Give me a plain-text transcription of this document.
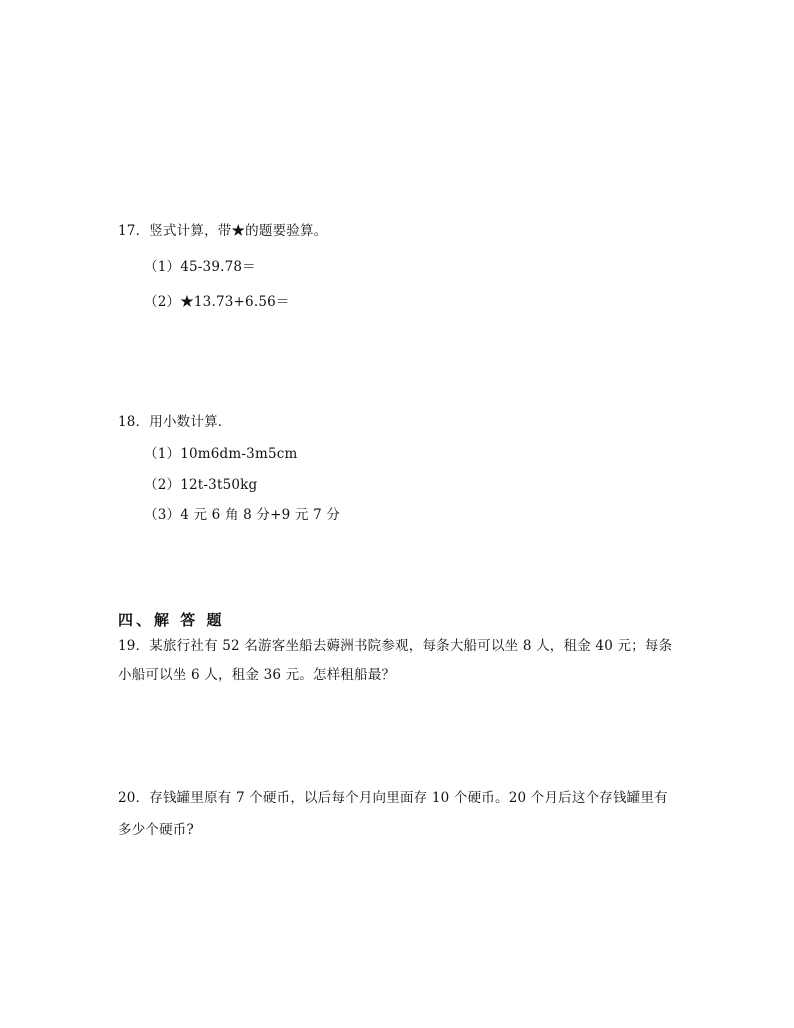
17．竖式计算，带★的题要验算。
（1）45-39.78＝
（2）★13.73+6.56＝
18．用小数计算．
（1）10m6dm-3m5cm
（2）12t-3t50kg
（3）4 元 6 角 8 分+9 元 7 分
四、解 答 题
19．某旅行社有 52 名游客坐船去薅洲书院参观，每条大船可以坐 8 人，租金 40 元；每条
小船可以坐 6 人，租金 36 元。怎样租船最？
20．存钱罐里原有 7 个硬币，以后每个月向里面存 10 个硬币。20 个月后这个存钱罐里有
多少个硬币?
